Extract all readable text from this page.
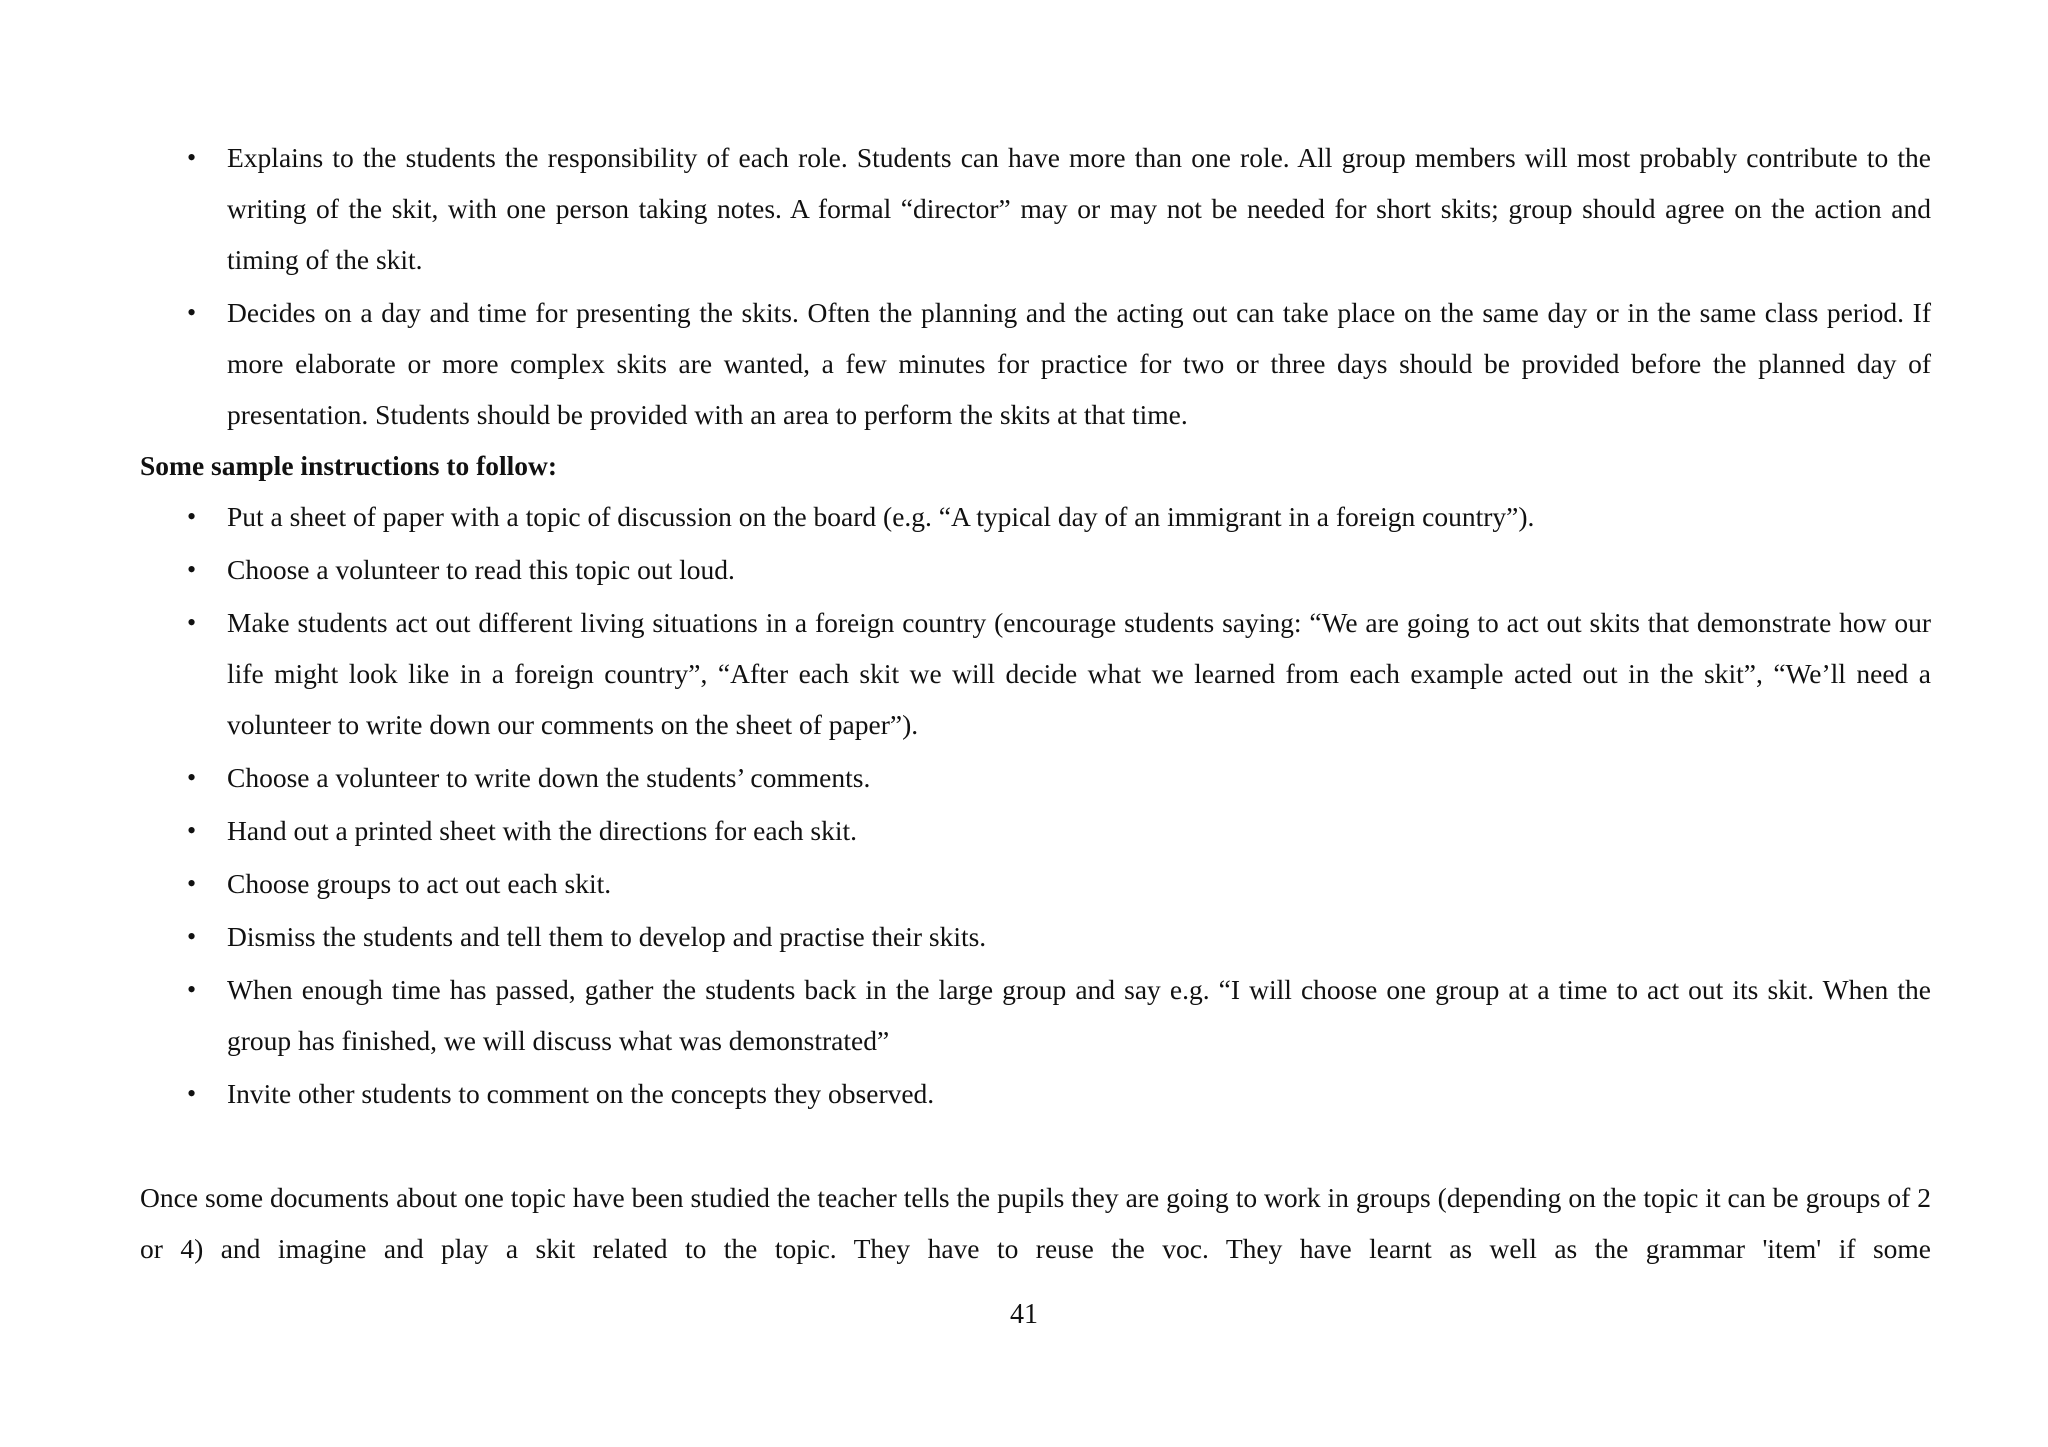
• Explains to the students the responsibility of each role. Students can have more than one role. All group members will most probably contribute to the writing of the skit, with one person taking notes. A formal “director” may or may not be needed for short skits; group should agree on the action and timing of the skit.
• Decides on a day and time for presenting the skits. Often the planning and the acting out can take place on the same day or in the same class period. If more elaborate or more complex skits are wanted, a few minutes for practice for two or three days should be provided before the planned day of presentation. Students should be provided with an area to perform the skits at that time.

Some sample instructions to follow:

• Put a sheet of paper with a topic of discussion on the board (e.g. “A typical day of an immigrant in a foreign country”).
• Choose a volunteer to read this topic out loud.
• Make students act out different living situations in a foreign country (encourage students saying: “We are going to act out skits that demonstrate how our life might look like in a foreign country”, “After each skit we will decide what we learned from each example acted out in the skit”, “We’ll need a volunteer to write down our comments on the sheet of paper”).
• Choose a volunteer to write down the students’ comments.
• Hand out a printed sheet with the directions for each skit.
• Choose groups to act out each skit.
• Dismiss the students and tell them to develop and practise their skits.
• When enough time has passed, gather the students back in the large group and say e.g. “I will choose one group at a time to act out its skit. When the group has finished, we will discuss what was demonstrated”
• Invite other students to comment on the concepts they observed.

Once some documents about one topic have been studied the teacher tells the pupils they are going to work in groups (depending on the topic it can be groups of 2 or 4) and imagine and play a skit related to the topic. They have to reuse the voc. They have learnt as well as the grammar 'item' if some

41
